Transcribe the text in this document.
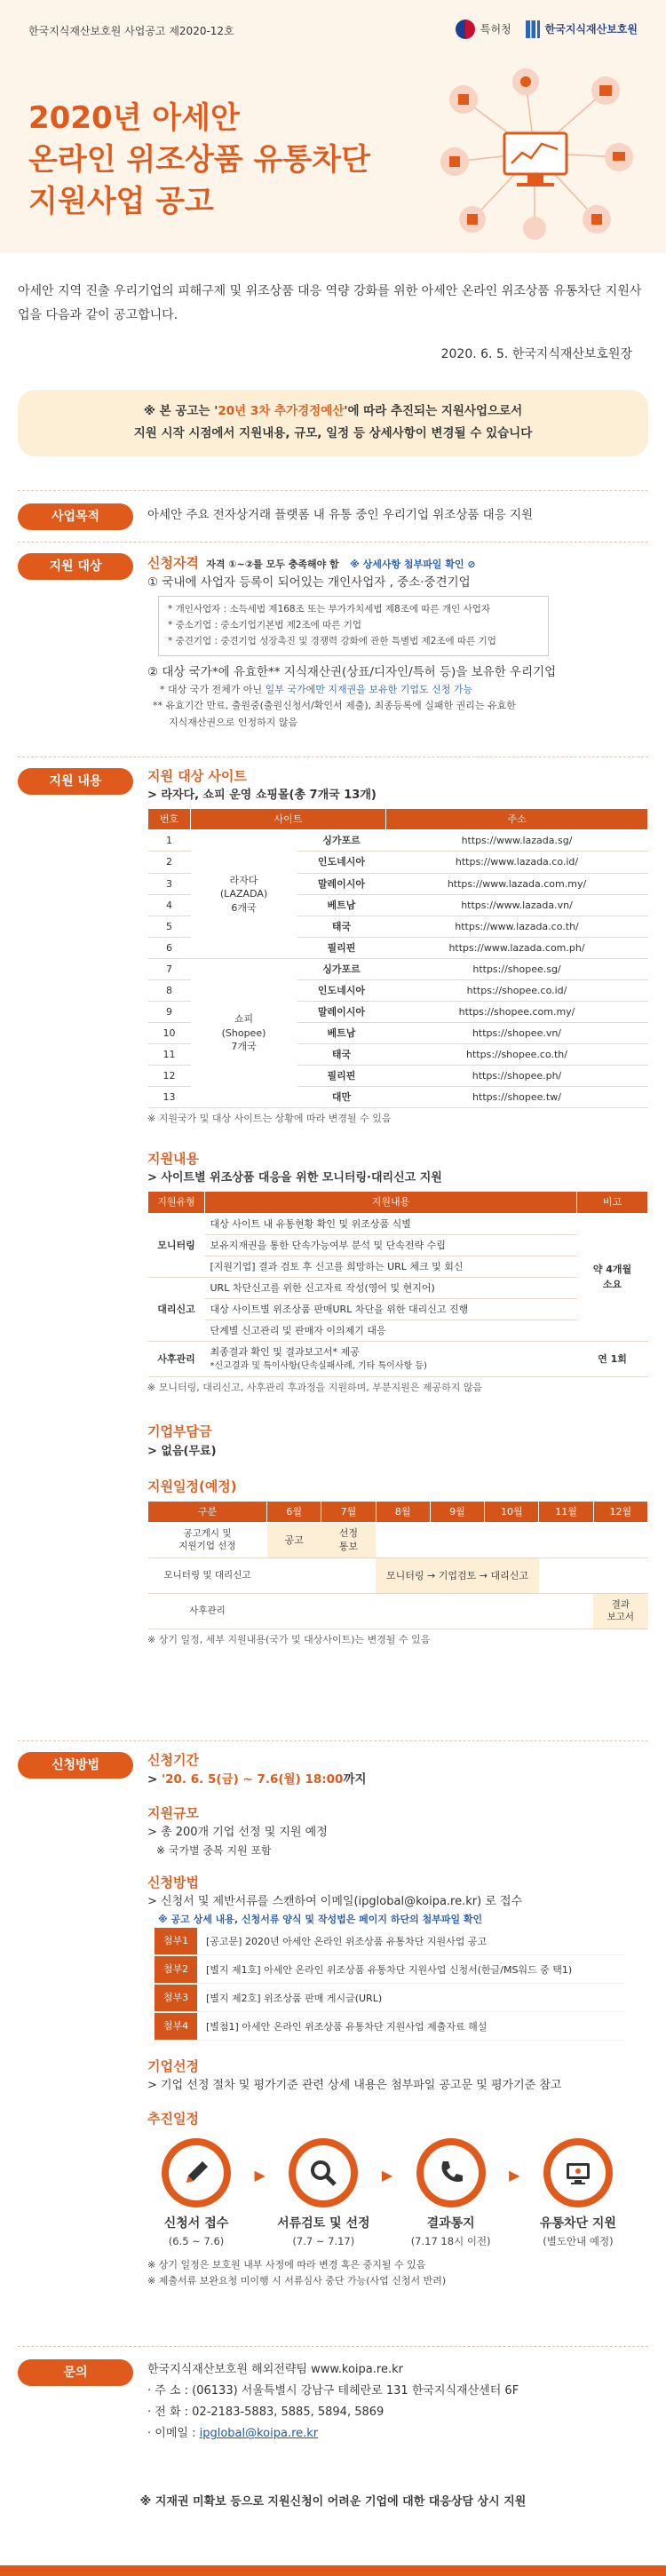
한국지식재산보호원 사업공고 제2020-12호	특허청	한국지식재산보호원
2020년 아세안
온라인 위조상품 유통차단
지원사업 공고

아세안 지역 진출 우리기업의 피해구제 및 위조상품 대응 역량 강화를 위한 아세안 온라인 위조상품 유통차단 지원사업을 다음과 같이 공고합니다.

2020. 6. 5. 한국지식재산보호원장

※ 본 공고는 '20년 3차 추가경정예산'에 따라 추진되는 지원사업으로서
지원 시작 시점에서 지원내용, 규모, 일정 등 상세사항이 변경될 수 있습니다
사업목적	아세안 주요 전자상거래 플랫폼 내 유통 중인 우리기업 위조상품 대응 지원
지원 대상	신청자격 자격 ①~②를 모두 충족해야 함 ※ 상세사항 첨부파일 확인 ⊘
① 국내에 사업자 등록이 되어있는 개인사업자 , 중소·중견기업
* 개인사업자 : 소득세법 제168조 또는 부가가치세법 제8조에 따른 개인 사업자
* 중소기업 : 중소기업기본법 제2조에 따른 기업
* 중견기업 : 중견기업 성장촉진 및 경쟁력 강화에 관한 특별법 제2조에 따른 기업
② 대상 국가*에 유효한** 지식재산권(상표/디자인/특허 등)을 보유한 우리기업
* 대상 국가 전체가 아닌 일부 국가에만 지재권을 보유한 기업도 신청 가능
** 유효기간 만료, 출원중(출원신청서/확인서 제출), 최종등록에 실패한 권리는 유효한
지식재산권으로 인정하지 않음
지원 내용	지원 대상 사이트
> 라자다, 쇼피 운영 쇼핑몰(총 7개국 13개)
번호	사이트		주소
1	라자다
(LAZADA)
6개국	싱가포르	https://www.lazada.sg/
2		인도네시아	https://www.lazada.co.id/
3		말레이시아	https://www.lazada.com.my/
4		베트남	https://www.lazada.vn/
5		태국	https://www.lazada.co.th/
6		필리핀	https://www.lazada.com.ph/
7	쇼피
(Shopee)
7개국	싱가포르	https://shopee.sg/
8		인도네시아	https://shopee.co.id/
9		말레이시아	https://shopee.com.my/
10		베트남	https://shopee.vn/
11		태국	https://shopee.co.th/
12		필리핀	https://shopee.ph/
13		대만	https://shopee.tw/
※ 지원국가 및 대상 사이트는 상황에 따라 변경될 수 있음
지원내용
> 사이트별 위조상품 대응을 위한 모니터링·대리신고 지원
지원유형	지원내용	비고
모니터링	대상 사이트 내 유통현황 확인 및 위조상품 식별	약 4개월
소요
	보유지재권을 통한 단속가능여부 분석 및 단속전략 수립	
	[지원기업] 결과 검토 후 신고를 희망하는 URL 체크 및 회신	
대리신고	URL 차단신고를 위한 신고자료 작성(영어 및 현지어)	
	대상 사이트별 위조상품 판매URL 차단을 위한 대리신고 진행	
	단계별 신고관리 및 판매자 이의제기 대응	
사후관리	최종결과 확인 및 결과보고서* 제공
*신고결과 및 특이사항(단속실패사례, 기타 특이사항 등)	연 1회
※ 모니터링, 대리신고, 사후관리 후과정을 지원하며, 부분지원은 제공하지 않음
기업부담금
> 없음(무료)
지원일정(예정)
구분	6월	7월	8월	9월	10월	11월	12월
공고게시 및
지원기업 선정	공고	선정
통보					
모니터링 및 대리신고			모니터링 → 기업검토 → 대리신고				
사후관리							결과
보고서
※ 상기 일정, 세부 지원내용(국가 및 대상사이트)는 변경될 수 있음
신청방법	신청기간
> '20. 6. 5(금) ~ 7.6(월) 18:00까지
지원규모
> 총 200개 기업 선정 및 지원 예정
※ 국가별 중복 지원 포함
신청방법
> 신청서 및 제반서류를 스캔하여 이메일(ipglobal@koipa.re.kr) 로 접수
※ 공고 상세 내용, 신청서류 양식 및 작성법은 페이지 하단의 첨부파일 확인
첨부1	[공고문] 2020년 아세안 온라인 위조상품 유통차단 지원사업 공고
첨부2	[별지 제1호] 아세안 온라인 위조상품 유통차단 지원사업 신청서(한글/MS워드 중 택1)
첨부3	[별지 제2호] 위조상품 판매 게시글(URL)
첨부4	[별첨1] 아세안 온라인 위조상품 유통차단 지원사업 제출자료 해설
기업선정
> 기업 선정 절차 및 평가기준 관련 상세 내용은 첨부파일 공고문 및 평가기준 참고
추진일정
신청서 접수
(6.5 ~ 7.6)
▶
서류검토 및 선정
(7.7 ~ 7.17)
▶
결과통지
(7.17 18시 이전)
▶
유통차단 지원
(별도안내 예정)
※ 상기 일정은 보호원 내부 사정에 따라 변경 혹은 중지될 수 있음
※ 제출서류 보완요청 미이행 시 서류심사 중단 가능(사업 신청서 반려)
문의	한국지식재산보호원 해외전략팀 www.koipa.re.kr
· 주 소 : (06133) 서울특별시 강남구 테헤란로 131 한국지식재산센터 6F
· 전 화 : 02-2183-5883, 5885, 5894, 5869
· 이메일 : ipglobal@koipa.re.kr
※ 지재권 미확보 등으로 지원신청이 어려운 기업에 대한 대응상담 상시 지원
